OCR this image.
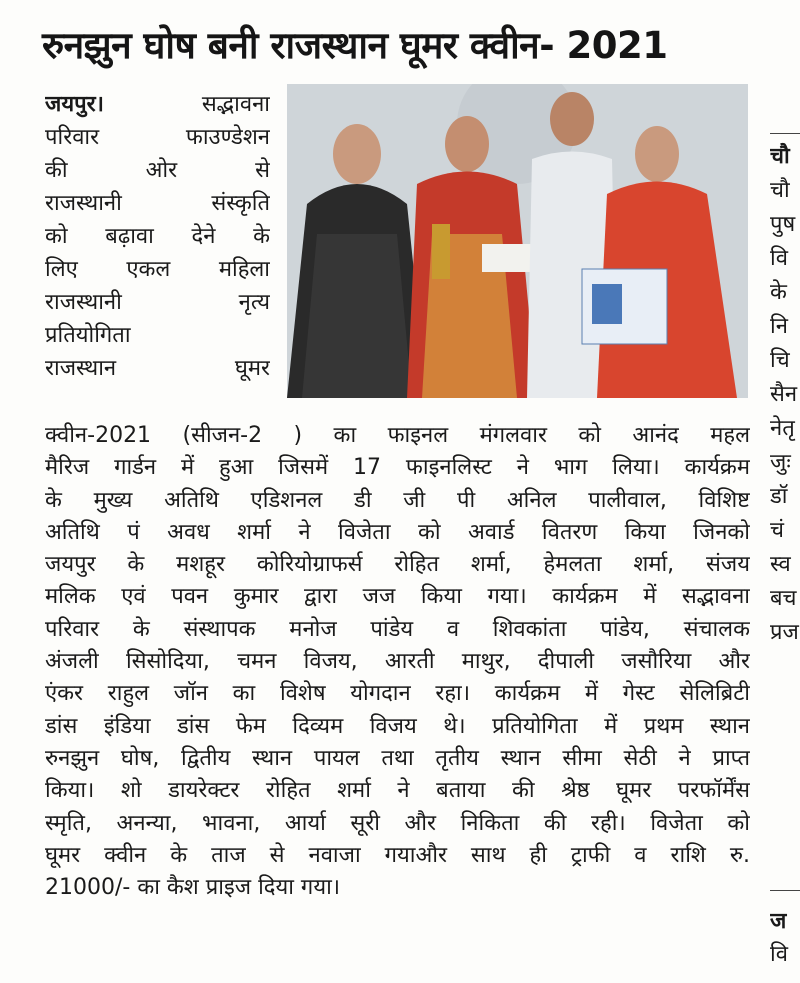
रुनझुन घोष बनी राजस्थान घूमर क्वीन- 2021
जयपुर।	सद्भावना
परिवार फाउण्डेशन
की ओर से
राजस्थानी संस्कृति
को बढ़ावा देने के
लिए एकल महिला
राजस्थानी नृत्य
प्रतियोगिता
राजस्थान घूमर
क्वीन-2021 (सीजन-2 ) का फाइनल मंगलवार को आनंद महल
मैरिज गार्डन में हुआ जिसमें 17 फाइनलिस्ट ने भाग लिया। कार्यक्रम
के मुख्य अतिथि एडिशनल डी जी पी अनिल पालीवाल, विशिष्ट
अतिथि पं अवध शर्मा ने विजेता को अवार्ड वितरण किया जिनको
जयपुर के मशहूर कोरियोग्राफर्स रोहित शर्मा, हेमलता शर्मा, संजय
मलिक एवं पवन कुमार द्वारा जज किया गया। कार्यक्रम में सद्भावना
परिवार के संस्थापक मनोज पांडेय व शिवकांता पांडेय, संचालक
अंजली सिसोदिया, चमन विजय, आरती माथुर, दीपाली जसौरिया और
एंकर राहुल जॉन का विशेष योगदान रहा। कार्यक्रम में गेस्ट सेलिब्रिटी
डांस इंडिया डांस फेम दिव्यम विजय थे। प्रतियोगिता में प्रथम स्थान
रुनझुन घोष, द्वितीय स्थान पायल तथा तृतीय स्थान सीमा सेठी ने प्राप्त
किया। शो डायरेक्टर रोहित शर्मा ने बताया की श्रेष्ठ घूमर परफॉर्मेंस
स्मृति, अनन्या, भावना, आर्या सूरी और निकिता की रही। विजेता को
घूमर क्वीन के ताज से नवाजा गयाऔर साथ ही ट्राफी व राशि रु.
21000/- का कैश प्राइज दिया गया।
चौ
चौ
पुष
वि
के
नि
चि
सैन
नेतृ
जुः
डॉ
चं
स्व
बच
प्रज
ज
वि
